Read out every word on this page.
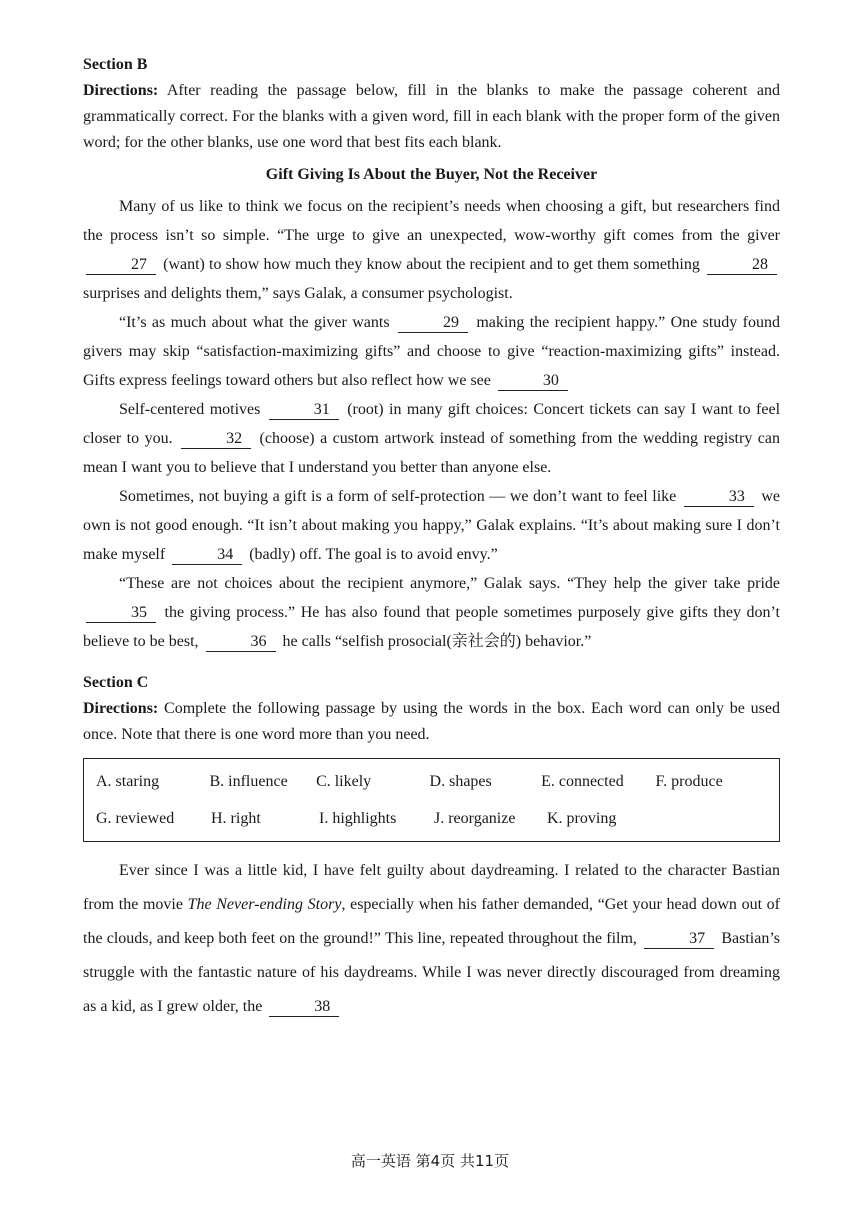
Section B

Directions: After reading the passage below, fill in the blanks to make the passage coherent and grammatically correct. For the blanks with a given word, fill in each blank with the proper form of the given word; for the other blanks, use one word that best fits each blank.

Gift Giving Is About the Buyer, Not the Receiver

Many of us like to think we focus on the recipient’s needs when choosing a gift, but researchers find the process isn’t so simple. “The urge to give an unexpected, wow-worthy gift comes from the giver 27 (want) to show how much they know about the recipient and to get them something	28 surprises and delights them,” says Galak, a consumer psychologist.

“It’s as much about what the giver wants	29 making the recipient happy.” One study found givers may skip “satisfaction-maximizing gifts” and choose to give “reaction-maximizing gifts” instead. Gifts express feelings toward others but also reflect how we see	30

Self-centered motives	31 (root) in many gift choices: Concert tickets can say I want to feel closer to you.	32 (choose) a custom artwork instead of something from the wedding registry can mean I want you to believe that I understand you better than anyone else.

Sometimes, not buying a gift is a form of self-protection — we don’t want to feel like	33 we own is not good enough. “It isn’t about making you happy,” Galak explains. “It’s about making sure I don’t make myself	34 (badly) off. The goal is to avoid envy.”

“These are not choices about the recipient anymore,” Galak says. “They help the giver take pride 35 the giving process.” He has also found that people sometimes purposely give gifts they don’t believe to be best,	36 he calls “selfish prosocial(亲社会的) behavior.”

Section C

Directions: Complete the following passage by using the words in the box. Each word can only be used once. Note that there is one word more than you need.

A. staring	B. influence	C. likely	D. shapes	E. connected	F. produce
G. reviewed	H. right	I. highlights	J. reorganize	K. proving

Ever since I was a little kid, I have felt guilty about daydreaming. I related to the character Bastian from the movie The Never-ending Story, especially when his father demanded, “Get your head down out of the clouds, and keep both feet on the ground!” This line, repeated throughout the film,	37 Bastian’s struggle with the fantastic nature of his daydreams. While I was never directly discouraged from dreaming as a kid, as I grew older, the	38

高一英语 第4页 共11页
